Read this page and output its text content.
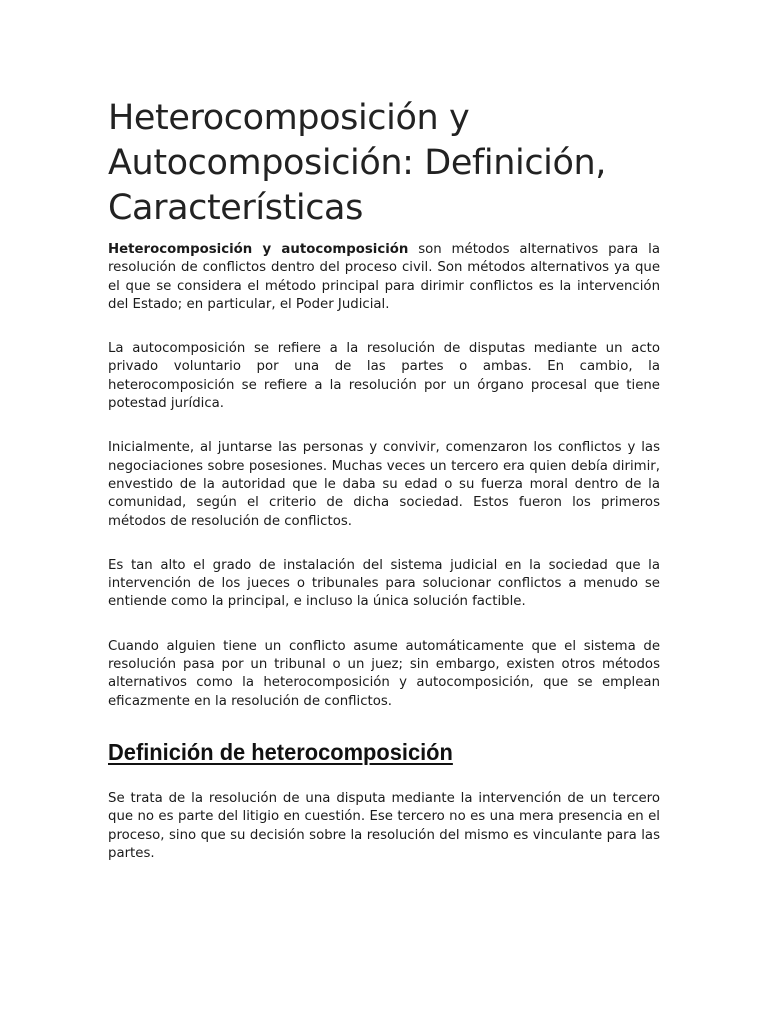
Heterocomposición y Autocomposición: Definición, Características

Heterocomposición y autocomposición son métodos alternativos para la resolución de conflictos dentro del proceso civil. Son métodos alternativos ya que el que se considera el método principal para dirimir conflictos es la intervención del Estado; en particular, el Poder Judicial.

La autocomposición se refiere a la resolución de disputas mediante un acto privado voluntario por una de las partes o ambas. En cambio, la heterocomposición se refiere a la resolución por un órgano procesal que tiene potestad jurídica.

Inicialmente, al juntarse las personas y convivir, comenzaron los conflictos y las negociaciones sobre posesiones. Muchas veces un tercero era quien debía dirimir, envestido de la autoridad que le daba su edad o su fuerza moral dentro de la comunidad, según el criterio de dicha sociedad. Estos fueron los primeros métodos de resolución de conflictos.

Es tan alto el grado de instalación del sistema judicial en la sociedad que la intervención de los jueces o tribunales para solucionar conflictos a menudo se entiende como la principal, e incluso la única solución factible.

Cuando alguien tiene un conflicto asume automáticamente que el sistema de resolución pasa por un tribunal o un juez; sin embargo, existen otros métodos alternativos como la heterocomposición y autocomposición, que se emplean eficazmente en la resolución de conflictos.

Definición de heterocomposición

Se trata de la resolución de una disputa mediante la intervención de un tercero que no es parte del litigio en cuestión. Ese tercero no es una mera presencia en el proceso, sino que su decisión sobre la resolución del mismo es vinculante para las partes.
